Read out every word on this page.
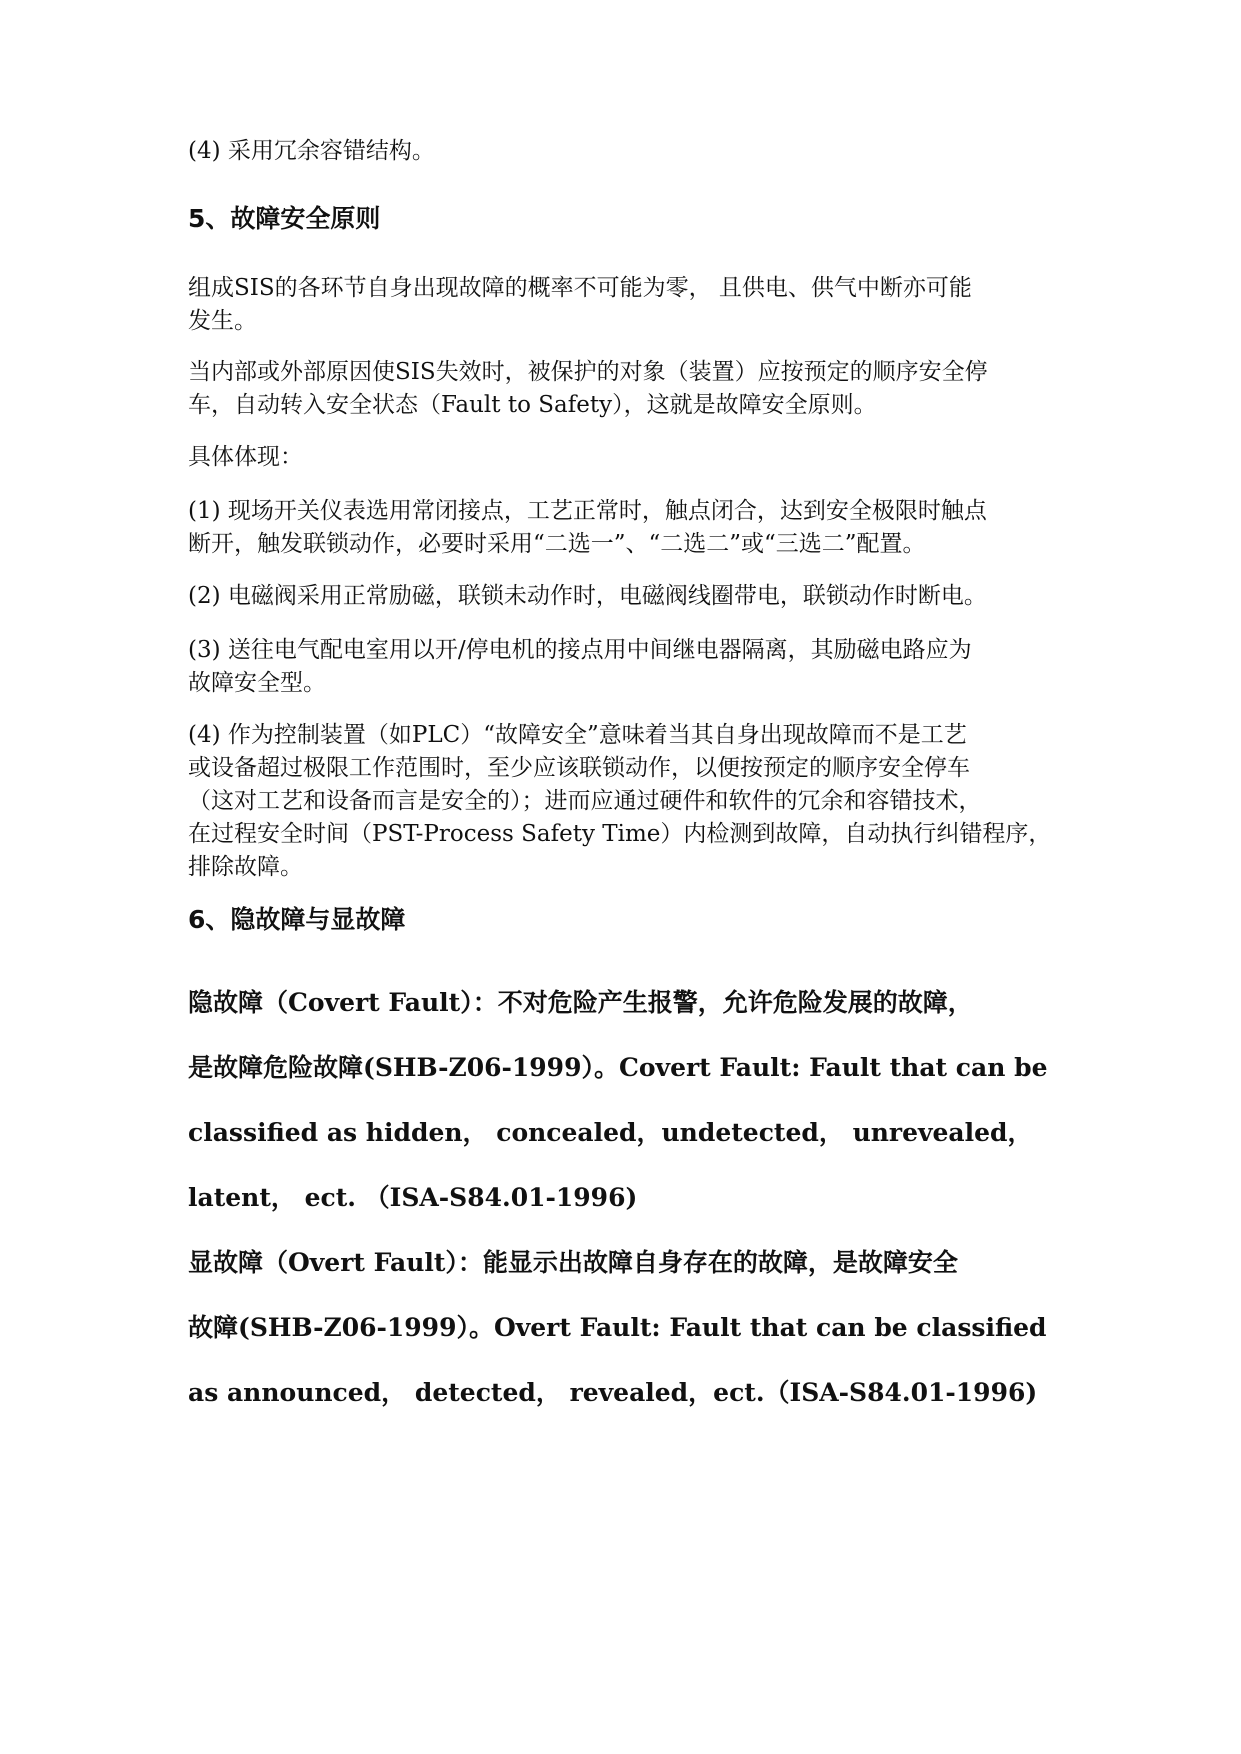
(4) 采用冗余容错结构。

5、故障安全原则

组成SIS的各环节自身出现故障的概率不可能为零， 且供电、供气中断亦可能
发生。

当内部或外部原因使SIS失效时，被保护的对象（装置）应按预定的顺序安全停
车，自动转入安全状态（Fault to Safety），这就是故障安全原则。

具体体现：

(1) 现场开关仪表选用常闭接点，工艺正常时，触点闭合，达到安全极限时触点
断开，触发联锁动作，必要时采用“二选一”、“二选二”或“三选二”配置。

(2) 电磁阀采用正常励磁，联锁未动作时，电磁阀线圈带电，联锁动作时断电。

(3) 送往电气配电室用以开/停电机的接点用中间继电器隔离，其励磁电路应为
故障安全型。

(4) 作为控制装置（如PLC）“故障安全”意味着当其自身出现故障而不是工艺
或设备超过极限工作范围时，至少应该联锁动作，以便按预定的顺序安全停车
（这对工艺和设备而言是安全的）；进而应通过硬件和软件的冗余和容错技术，
在过程安全时间（PST-Process Safety Time）内检测到故障，自动执行纠错程序，
排除故障。

6、隐故障与显故障

隐故障（Covert Fault）：不对危险产生报警，允许危险发展的故障，
是故障危险故障(SHB-Z06-1999）。Covert Fault: Fault that can be
classified as hidden， concealed，undetected， unrevealed，
latent， ect. （ISA-S84.01-1996)

显故障（Overt Fault）：能显示出故障自身存在的故障，是故障安全
故障(SHB-Z06-1999）。Overt Fault: Fault that can be classified
as announced， detected， revealed，ect.（ISA-S84.01-1996)
